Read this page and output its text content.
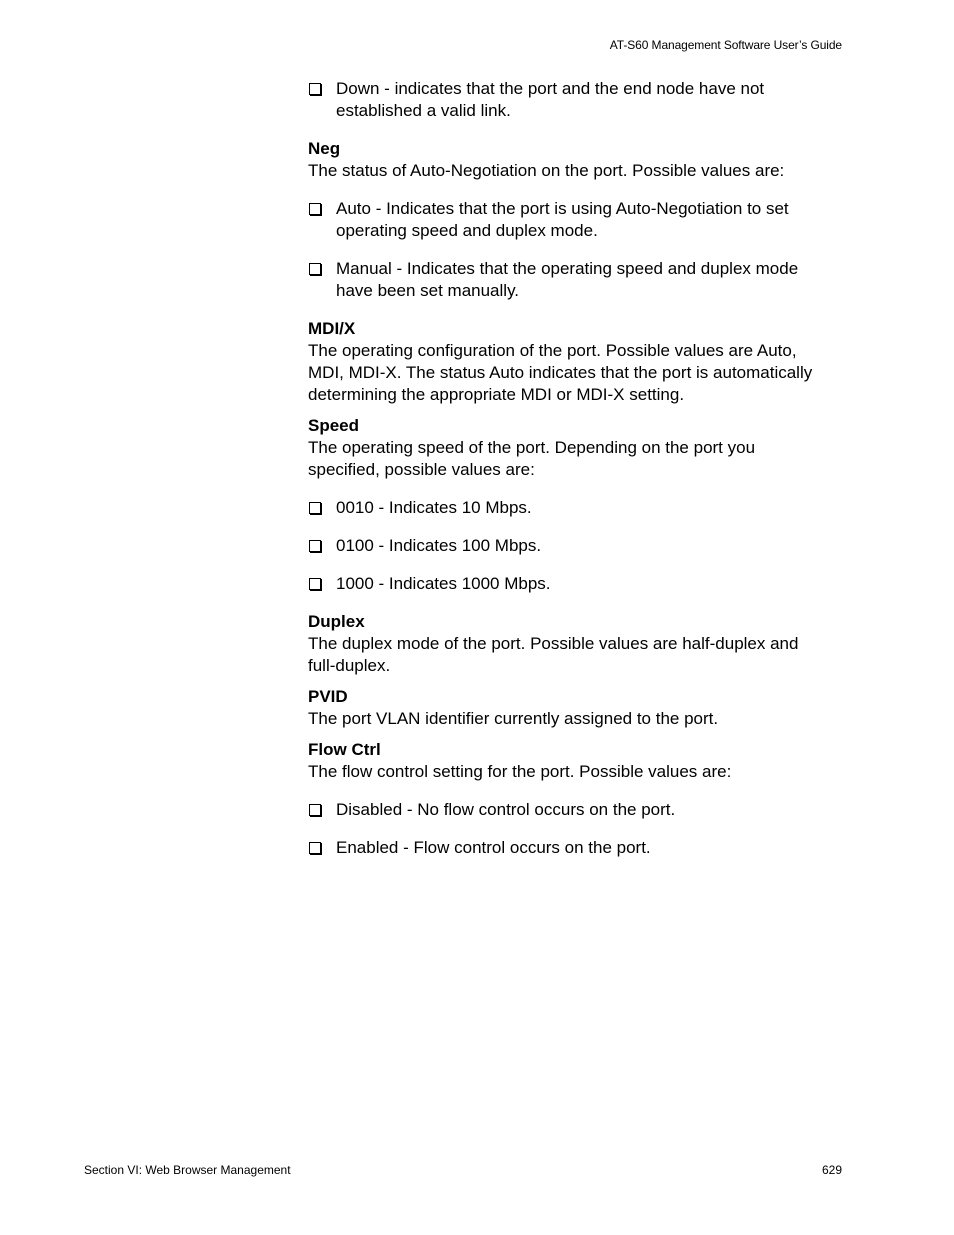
AT-S60 Management Software User’s Guide
Down - indicates that the port and the end node have not established a valid link.
Neg
The status of Auto-Negotiation on the port. Possible values are:
Auto - Indicates that the port is using Auto-Negotiation to set operating speed and duplex mode.
Manual - Indicates that the operating speed and duplex mode have been set manually.
MDI/X
The operating configuration of the port. Possible values are Auto, MDI, MDI-X. The status Auto indicates that the port is automatically determining the appropriate MDI or MDI-X setting.
Speed
The operating speed of the port. Depending on the port you specified, possible values are:
0010 - Indicates 10 Mbps.
0100 - Indicates 100 Mbps.
1000 - Indicates 1000 Mbps.
Duplex
The duplex mode of the port. Possible values are half-duplex and full-duplex.
PVID
The port VLAN identifier currently assigned to the port.
Flow Ctrl
The flow control setting for the port. Possible values are:
Disabled - No flow control occurs on the port.
Enabled - Flow control occurs on the port.
Section VI: Web Browser Management	629
